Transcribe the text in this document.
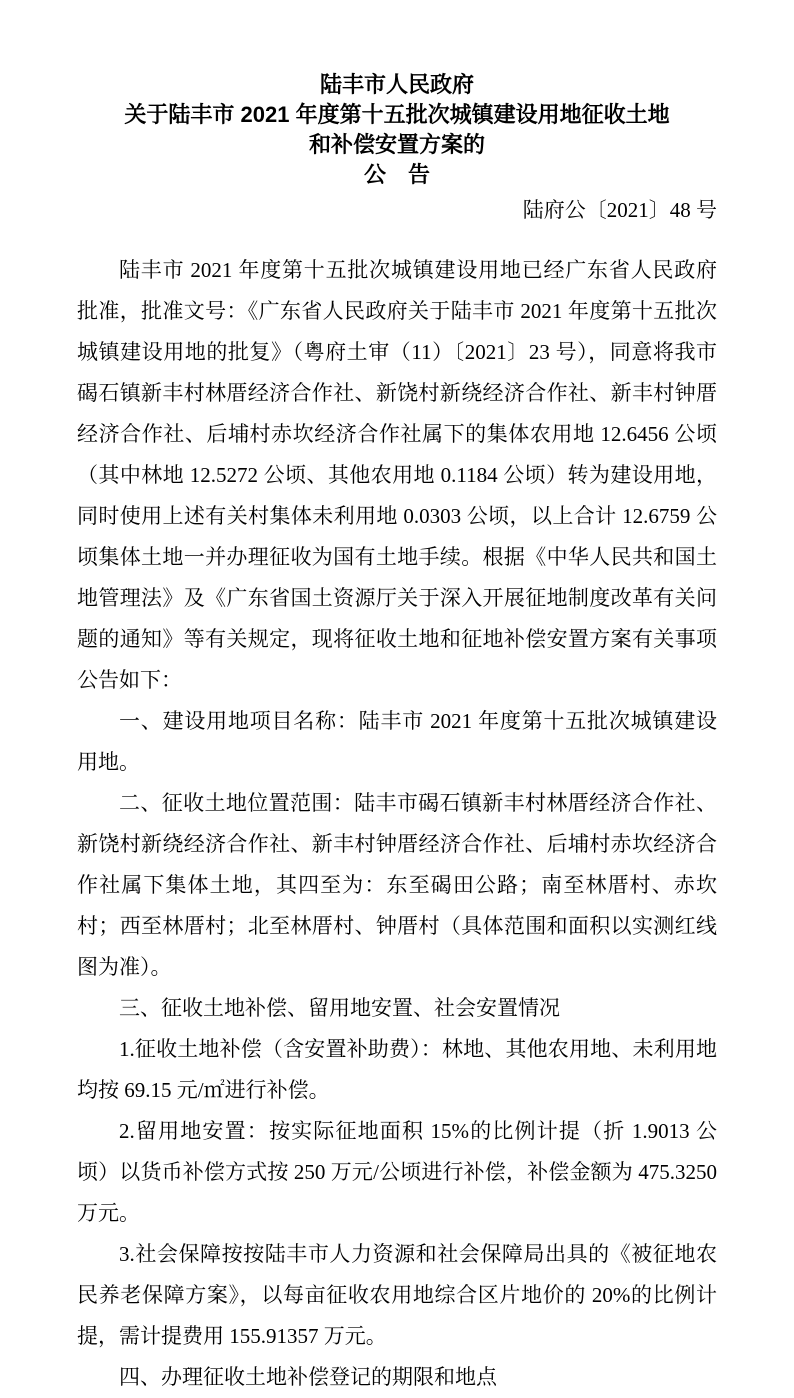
陆丰市人民政府
关于陆丰市 2021 年度第十五批次城镇建设用地征收土地
和补偿安置方案的
公　告
陆府公〔2021〕48 号

陆丰市 2021 年度第十五批次城镇建设用地已经广东省人民政府批准，批准文号：《广东省人民政府关于陆丰市 2021 年度第十五批次城镇建设用地的批复》（粤府土审（11）〔2021〕23 号），同意将我市碣石镇新丰村林厝经济合作社、新饶村新绕经济合作社、新丰村钟厝经济合作社、后埔村赤坎经济合作社属下的集体农用地 12.6456 公顷（其中林地 12.5272 公顷、其他农用地 0.1184 公顷）转为建设用地，同时使用上述有关村集体未利用地 0.0303 公顷，以上合计 12.6759 公顷集体土地一并办理征收为国有土地手续。根据《中华人民共和国土地管理法》及《广东省国土资源厅关于深入开展征地制度改革有关问题的通知》等有关规定，现将征收土地和征地补偿安置方案有关事项公告如下：

一、建设用地项目名称：陆丰市 2021 年度第十五批次城镇建设用地。

二、征收土地位置范围：陆丰市碣石镇新丰村林厝经济合作社、新饶村新绕经济合作社、新丰村钟厝经济合作社、后埔村赤坎经济合作社属下集体土地，其四至为：东至碣田公路；南至林厝村、赤坎村；西至林厝村；北至林厝村、钟厝村（具体范围和面积以实测红线图为准）。

三、征收土地补偿、留用地安置、社会安置情况

1.征收土地补偿（含安置补助费）：林地、其他农用地、未利用地均按 69.15 元/㎡进行补偿。

2.留用地安置：按实际征地面积 15%的比例计提（折 1.9013 公顷）以货币补偿方式按 250 万元/公顷进行补偿，补偿金额为 475.3250 万元。

3.社会保障按按陆丰市人力资源和社会保障局出具的《被征地农民养老保障方案》，以每亩征收农用地综合区片地价的 20%的比例计提，需计提费用 155.91357 万元。

四、办理征收土地补偿登记的期限和地点
